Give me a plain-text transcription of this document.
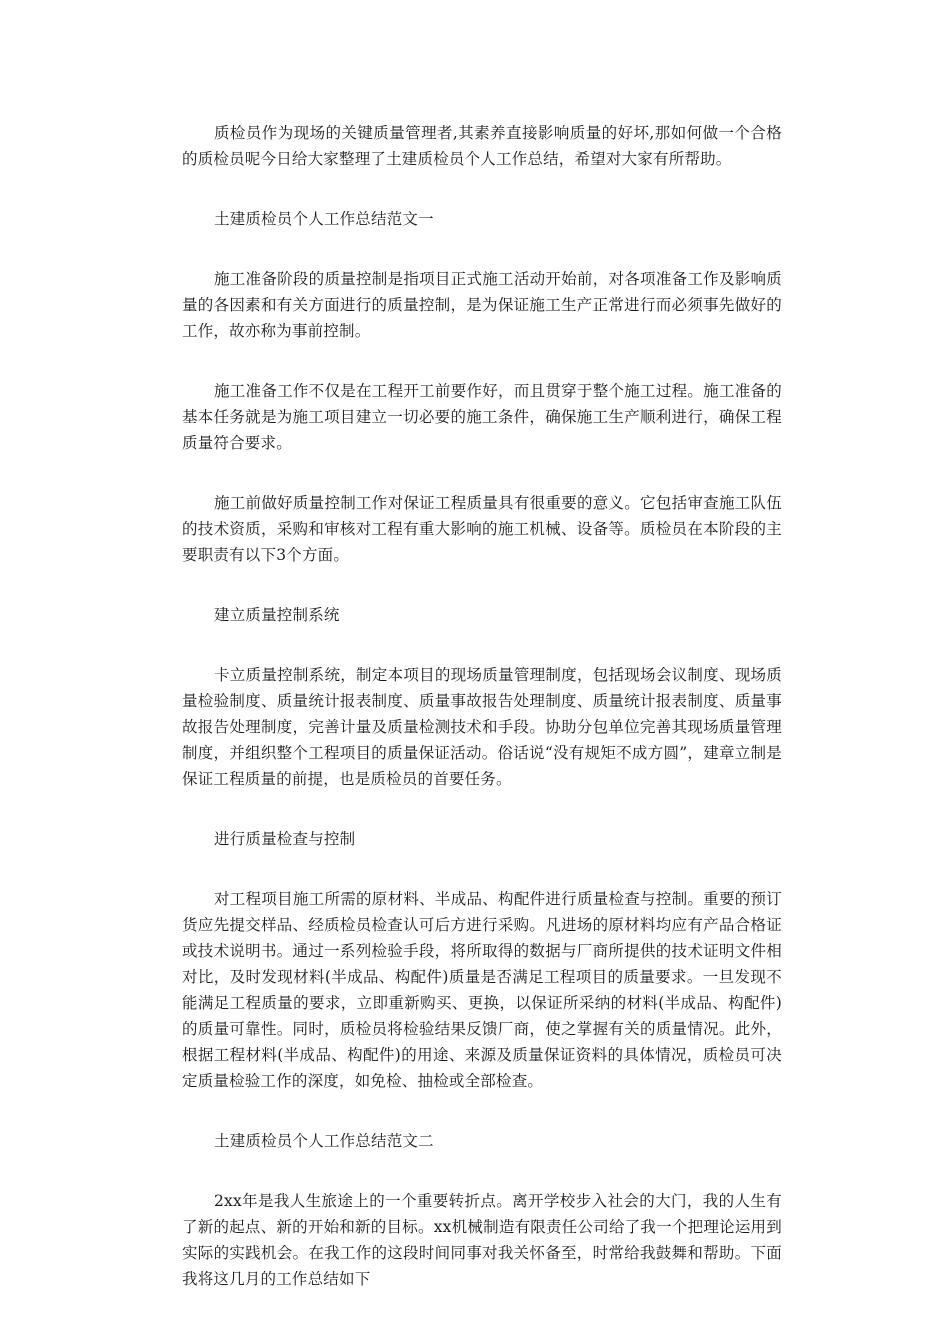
质检员作为现场的关键质量管理者,其素养直接影响质量的好坏,那如何做一个合格的质检员呢今日给大家整理了土建质检员个人工作总结，希望对大家有所帮助。

土建质检员个人工作总结范文一

施工准备阶段的质量控制是指项目正式施工活动开始前，对各项准备工作及影响质量的各因素和有关方面进行的质量控制，是为保证施工生产正常进行而必须事先做好的工作，故亦称为事前控制。

施工准备工作不仅是在工程开工前要作好，而且贯穿于整个施工过程。施工准备的基本任务就是为施工项目建立一切必要的施工条件，确保施工生产顺利进行，确保工程质量符合要求。

施工前做好质量控制工作对保证工程质量具有很重要的意义。它包括审查施工队伍的技术资质，采购和审核对工程有重大影响的施工机械、设备等。质检员在本阶段的主要职责有以下3个方面。

建立质量控制系统

卡立质量控制系统，制定本项目的现场质量管理制度，包括现场会议制度、现场质量检验制度、质量统计报表制度、质量事故报告处理制度、质量统计报表制度、质量事故报告处理制度，完善计量及质量检测技术和手段。协助分包单位完善其现场质量管理制度，并组织整个工程项目的质量保证活动。俗话说“没有规矩不成方圆”，建章立制是保证工程质量的前提，也是质检员的首要任务。

进行质量检查与控制

对工程项目施工所需的原材料、半成品、构配件进行质量检查与控制。重要的预订货应先提交样品、经质检员检查认可后方进行采购。凡进场的原材料均应有产品合格证或技术说明书。通过一系列检验手段，将所取得的数据与厂商所提供的技术证明文件相对比，及时发现材料(半成品、构配件)质量是否满足工程项目的质量要求。一旦发现不能满足工程质量的要求，立即重新购买、更换，以保证所采纳的材料(半成品、构配件)的质量可靠性。同时，质检员将检验结果反馈厂商，使之掌握有关的质量情况。此外，根据工程材料(半成品、构配件)的用途、来源及质量保证资料的具体情况，质检员可决定质量检验工作的深度，如免检、抽检或全部检查。

土建质检员个人工作总结范文二

2xx年是我人生旅途上的一个重要转折点。离开学校步入社会的大门，我的人生有了新的起点、新的开始和新的目标。xx机械制造有限责任公司给了我一个把理论运用到实际的实践机会。在我工作的这段时间同事对我关怀备至，时常给我鼓舞和帮助。下面我将这几月的工作总结如下
